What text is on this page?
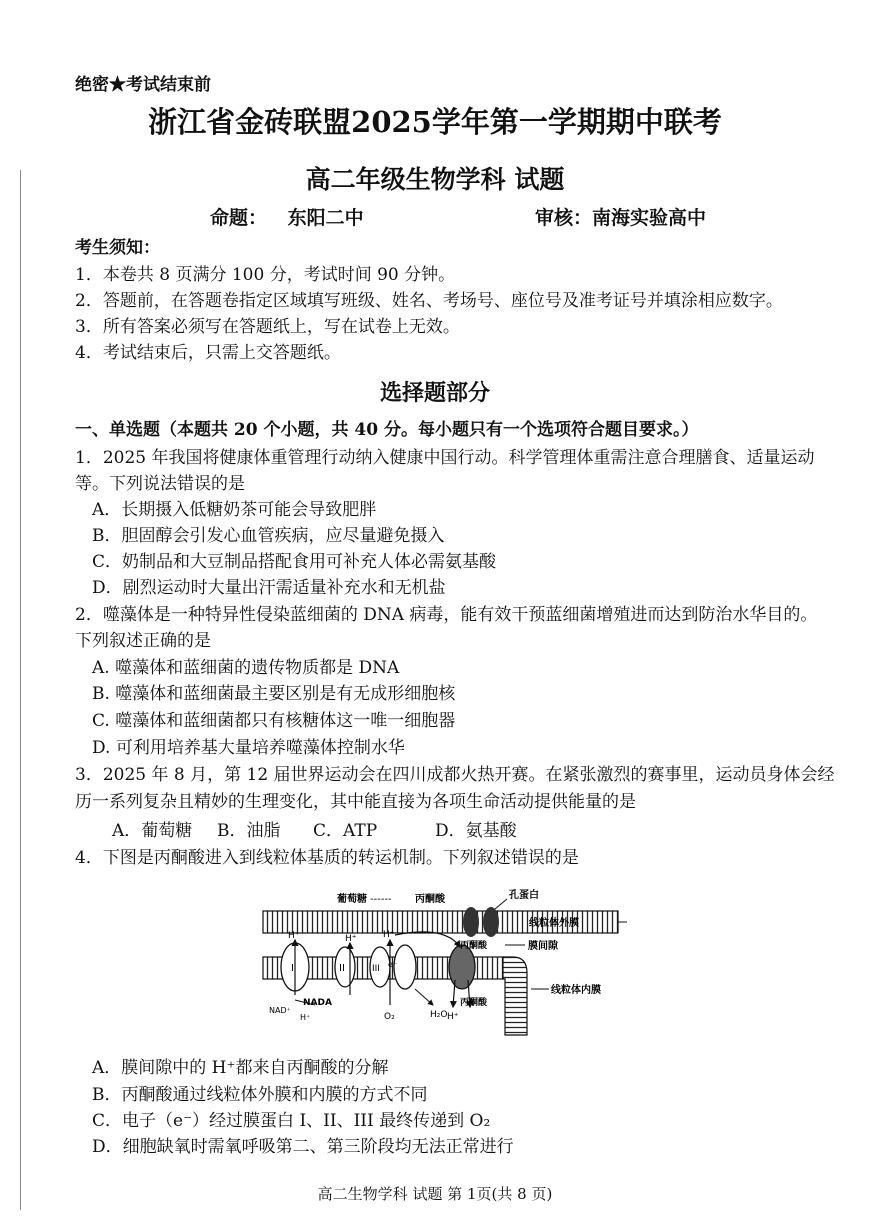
绝密★考试结束前
浙江省金砖联盟2025学年第一学期期中联考
高二年级生物学科 试题
命题： 东阳二中	审核：南海实验高中
考生须知：
1．本卷共 8 页满分 100 分，考试时间 90 分钟。
2．答题前，在答题卷指定区域填写班级、姓名、考场号、座位号及准考证号并填涂相应数字。
3．所有答案必须写在答题纸上，写在试卷上无效。
4．考试结束后，只需上交答题纸。
选择题部分
一、单选题（本题共 20 个小题，共 40 分。每小题只有一个选项符合题目要求。）
1．2025 年我国将健康体重管理行动纳入健康中国行动。科学管理体重需注意合理膳食、适量运动
等。下列说法错误的是
A．长期摄入低糖奶茶可能会导致肥胖
B．胆固醇会引发心血管疾病，应尽量避免摄入
C．奶制品和大豆制品搭配食用可补充人体必需氨基酸
D．剧烈运动时大量出汗需适量补充水和无机盐
2．噬藻体是一种特异性侵染蓝细菌的 DNA 病毒，能有效干预蓝细菌增殖进而达到防治水华目的。
下列叙述正确的是
A. 噬藻体和蓝细菌的遗传物质都是 DNA
B. 噬藻体和蓝细菌最主要区别是有无成形细胞核
C. 噬藻体和蓝细菌都只有核糖体这一唯一细胞器
D. 可利用培养基大量培养噬藻体控制水华
3．2025 年 8 月，第 12 届世界运动会在四川成都火热开赛。在紧张激烈的赛事里，运动员身体会经
历一系列复杂且精妙的生理变化，其中能直接为各项生命活动提供能量的是
A．葡萄糖 B．油脂 C．ATP	D．氨基酸
4．下图是丙酮酸进入到线粒体基质的转运机制。下列叙述错误的是
葡萄糖 ------ 丙酮酸	孔蛋白
线粒体外膜
丙酮酸	膜间隙
线粒体内膜
丙酮酸
H⁺	H⁺	H⁺
H⁺	H⁺
I	II	III e⁻
NADA
NAD⁺
O₂	H₂O
A．膜间隙中的 H⁺都来自丙酮酸的分解
B．丙酮酸通过线粒体外膜和内膜的方式不同
C．电子（e⁻）经过膜蛋白 I、II、III 最终传递到 O₂
D．细胞缺氧时需氧呼吸第二、第三阶段均无法正常进行
高二生物学科 试题 第 1页(共 8 页)
